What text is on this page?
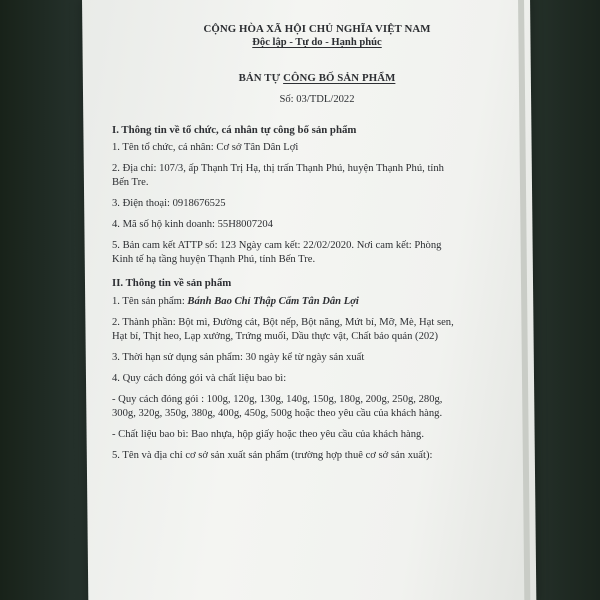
CỘNG HÒA XÃ HỘI CHỦ NGHĨA VIỆT NAM
Độc lập - Tự do - Hạnh phúc
BẢN TỰ CÔNG BỐ SẢN PHẨM
Số: 03/TDL/2022
I. Thông tin về tổ chức, cá nhân tự công bố sản phẩm
1. Tên tổ chức, cá nhân: Cơ sở Tân Dân Lợi
2. Địa chỉ: 107/3, ấp Thạnh Trị Hạ, thị trấn Thạnh Phú, huyện Thạnh Phú, tỉnh
Bến Tre.
3. Điện thoại: 0918676525
4. Mã số hộ kinh doanh: 55H8007204
5. Bản cam kết ATTP số: 123 Ngày cam kết: 22/02/2020. Nơi cam kết: Phòng
Kinh tế hạ tầng huyện Thạnh Phú, tỉnh Bến Tre.
II. Thông tin về sản phẩm
1. Tên sản phẩm: Bánh Bao Chỉ Thập Cẩm Tân Dân Lợi
2. Thành phần: Bột mì, Đường cát, Bột nếp, Bột năng, Mứt bí, Mỡ, Mè, Hạt sen,
Hạt bí, Thịt heo, Lạp xưởng, Trứng muối, Dầu thực vật, Chất bảo quản (202)
3. Thời hạn sử dụng sản phẩm: 30 ngày kể từ ngày sản xuất
4. Quy cách đóng gói và chất liệu bao bì:
- Quy cách đóng gói : 100g, 120g, 130g, 140g, 150g, 180g, 200g, 250g, 280g,
300g, 320g, 350g, 380g, 400g, 450g, 500g hoặc theo yêu cầu của khách hàng.
- Chất liệu bao bì: Bao nhựa, hộp giấy hoặc theo yêu cầu của khách hàng.
5. Tên và địa chỉ cơ sở sản xuất sản phẩm (trường hợp thuê cơ sở sản xuất):
